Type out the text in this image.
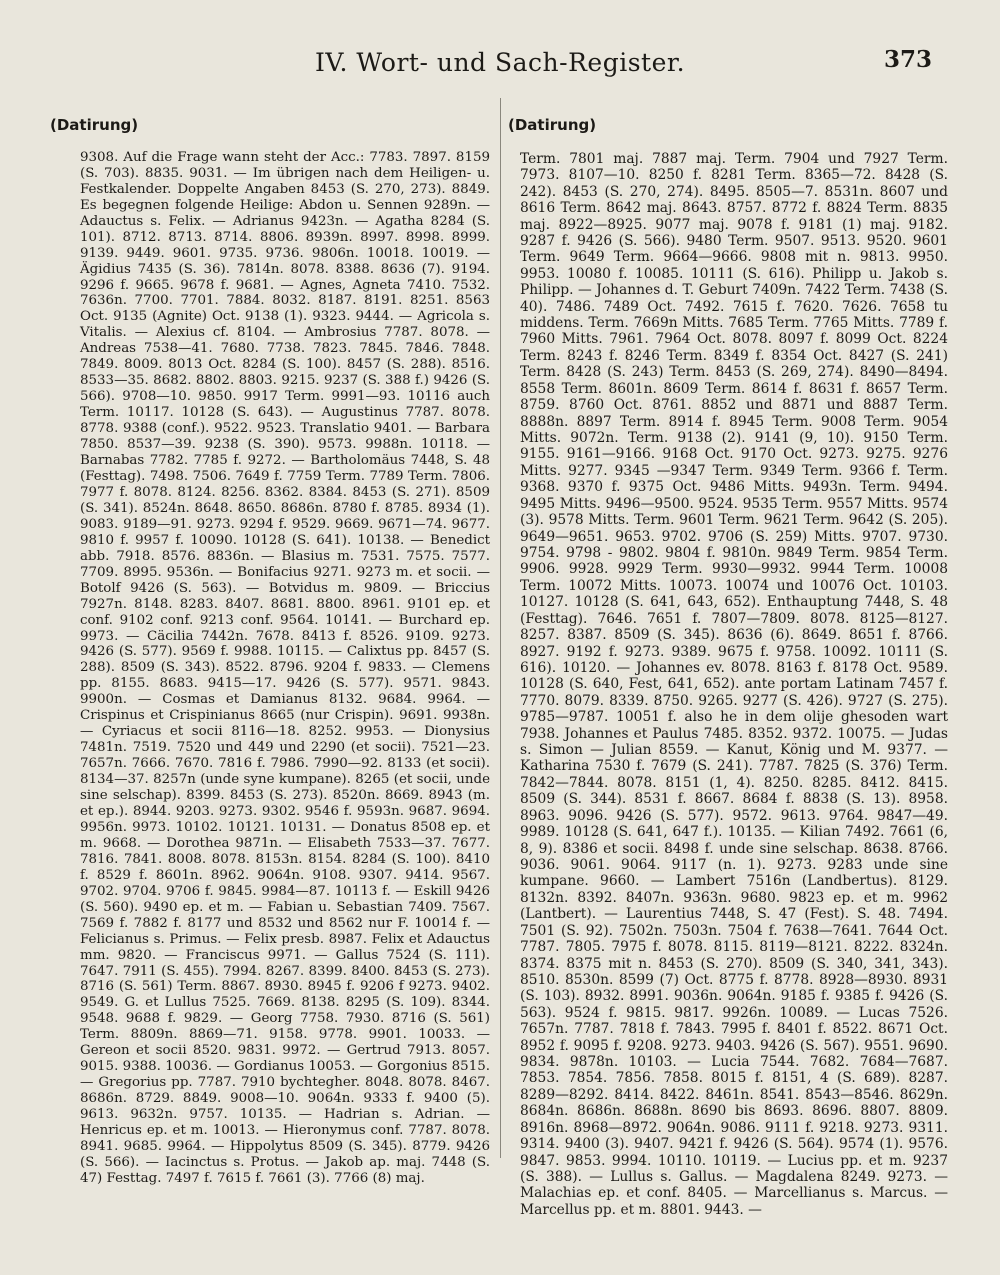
IV. Wort- und Sach-Register.	373

(Datirung)

9308. Auf die Frage wann steht der Acc.: 7783. 7897. 8159 (S. 703). 8835. 9031. — Im übrigen nach dem Heiligen- u. Festkalender. Doppelte Angaben 8453 (S. 270, 273). 8849. Es begegnen folgende Heilige: Abdon u. Sennen 9289n. — Adauctus s. Felix. — Adrianus 9423n. — Agatha 8284 (S. 101). 8712. 8713. 8714. 8806. 8939n. 8997. 8998. 8999. 9139. 9449. 9601. 9735. 9736. 9806n. 10018. 10019. — Ägidius 7435 (S. 36). 7814n. 8078. 8388. 8636 (7). 9194. 9296 f. 9665. 9678 f. 9681. — Agnes, Agneta 7410. 7532. 7636n. 7700. 7701. 7884. 8032. 8187. 8191. 8251. 8563 Oct. 9135 (Agnite) Oct. 9138 (1). 9323. 9444. — Agricola s. Vitalis. — Alexius cf. 8104. — Ambrosius 7787. 8078. — Andreas 7538—41. 7680. 7738. 7823. 7845. 7846. 7848. 7849. 8009. 8013 Oct. 8284 (S. 100). 8457 (S. 288). 8516. 8533—35. 8682. 8802. 8803. 9215. 9237 (S. 388 f.) 9426 (S. 566). 9708—10. 9850. 9917 Term. 9991—93. 10116 auch Term. 10117. 10128 (S. 643). — Augustinus 7787. 8078. 8778. 9388 (conf.). 9522. 9523. Translatio 9401. — Barbara 7850. 8537—39. 9238 (S. 390). 9573. 9988n. 10118. — Barnabas 7782. 7785 f. 9272. — Bartholomäus 7448, S. 48 (Festtag). 7498. 7506. 7649 f. 7759 Term. 7789 Term. 7806. 7977 f. 8078. 8124. 8256. 8362. 8384. 8453 (S. 271). 8509 (S. 341). 8524n. 8648. 8650. 8686n. 8780 f. 8785. 8934 (1). 9083. 9189—91. 9273. 9294 f. 9529. 9669. 9671—74. 9677. 9810 f. 9957 f. 10090. 10128 (S. 641). 10138. — Benedict abb. 7918. 8576. 8836n. — Blasius m. 7531. 7575. 7577. 7709. 8995. 9536n. — Bonifacius 9271. 9273 m. et socii. — Botolf 9426 (S. 563). — Botvidus m. 9809. — Briccius 7927n. 8148. 8283. 8407. 8681. 8800. 8961. 9101 ep. et conf. 9102 conf. 9213 conf. 9564. 10141. — Burchard ep. 9973. — Cäcilia 7442n. 7678. 8413 f. 8526. 9109. 9273. 9426 (S. 577). 9569 f. 9988. 10115. — Calixtus pp. 8457 (S. 288). 8509 (S. 343). 8522. 8796. 9204 f. 9833. — Clemens pp. 8155. 8683. 9415—17. 9426 (S. 577). 9571. 9843. 9900n. — Cosmas et Damianus 8132. 9684. 9964. — Crispinus et Crispinianus 8665 (nur Crispin). 9691. 9938n. — Cyriacus et socii 8116—18. 8252. 9953. — Dionysius 7481n. 7519. 7520 und 449 und 2290 (et socii). 7521—23. 7657n. 7666. 7670. 7816 f. 7986. 7990—92. 8133 (et socii). 8134—37. 8257n (unde syne kumpane). 8265 (et socii, unde sine selschap). 8399. 8453 (S. 273). 8520n. 8669. 8943 (m. et ep.). 8944. 9203. 9273. 9302. 9546 f. 9593n. 9687. 9694. 9956n. 9973. 10102. 10121. 10131. — Donatus 8508 ep. et m. 9668. — Dorothea 9871n. — Elisabeth 7533—37. 7677. 7816. 7841. 8008. 8078. 8153n. 8154. 8284 (S. 100). 8410 f. 8529 f. 8601n. 8962. 9064n. 9108. 9307. 9414. 9567. 9702. 9704. 9706 f. 9845. 9984—87. 10113 f. — Eskill 9426 (S. 560). 9490 ep. et m. — Fabian u. Sebastian 7409. 7567. 7569 f. 7882 f. 8177 und 8532 und 8562 nur F. 10014 f. — Felicianus s. Primus. — Felix presb. 8987. Felix et Adauctus mm. 9820. — Franciscus 9971. — Gallus 7524 (S. 111). 7647. 7911 (S. 455). 7994. 8267. 8399. 8400. 8453 (S. 273). 8716 (S. 561) Term. 8867. 8930. 8945 f. 9206 f 9273. 9402. 9549. G. et Lullus 7525. 7669. 8138. 8295 (S. 109). 8344. 9548. 9688 f. 9829. — Georg 7758. 7930. 8716 (S. 561) Term. 8809n. 8869—71. 9158. 9778. 9901. 10033. — Gereon et socii 8520. 9831. 9972. — Gertrud 7913. 8057. 9015. 9388. 10036. — Gordianus 10053. — Gorgonius 8515. — Gregorius pp. 7787. 7910 bychtegher. 8048. 8078. 8467. 8686n. 8729. 8849. 9008—10. 9064n. 9333 f. 9400 (5). 9613. 9632n. 9757. 10135. — Hadrian s. Adrian. — Henricus ep. et m. 10013. — Hieronymus conf. 7787. 8078. 8941. 9685. 9964. — Hippolytus 8509 (S. 345). 8779. 9426 (S. 566). — Iacinctus s. Protus. — Jakob ap. maj. 7448 (S. 47) Festtag. 7497 f. 7615 f. 7661 (3). 7766 (8) maj.

(Datirung)

Term. 7801 maj. 7887 maj. Term. 7904 und 7927 Term. 7973. 8107—10. 8250 f. 8281 Term. 8365—72. 8428 (S. 242). 8453 (S. 270, 274). 8495. 8505—7. 8531n. 8607 und 8616 Term. 8642 maj. 8643. 8757. 8772 f. 8824 Term. 8835 maj. 8922—8925. 9077 maj. 9078 f. 9181 (1) maj. 9182. 9287 f. 9426 (S. 566). 9480 Term. 9507. 9513. 9520. 9601 Term. 9649 Term. 9664—9666. 9808 mit n. 9813. 9950. 9953. 10080 f. 10085. 10111 (S. 616). Philipp u. Jakob s. Philipp. — Johannes d. T. Geburt 7409n. 7422 Term. 7438 (S. 40). 7486. 7489 Oct. 7492. 7615 f. 7620. 7626. 7658 tu middens. Term. 7669n Mitts. 7685 Term. 7765 Mitts. 7789 f. 7960 Mitts. 7961. 7964 Oct. 8078. 8097 f. 8099 Oct. 8224 Term. 8243 f. 8246 Term. 8349 f. 8354 Oct. 8427 (S. 241) Term. 8428 (S. 243) Term. 8453 (S. 269, 274). 8490—8494. 8558 Term. 8601n. 8609 Term. 8614 f. 8631 f. 8657 Term. 8759. 8760 Oct. 8761. 8852 und 8871 und 8887 Term. 8888n. 8897 Term. 8914 f. 8945 Term. 9008 Term. 9054 Mitts. 9072n. Term. 9138 (2). 9141 (9, 10). 9150 Term. 9155. 9161—9166. 9168 Oct. 9170 Oct. 9273. 9275. 9276 Mitts. 9277. 9345 —9347 Term. 9349 Term. 9366 f. Term. 9368. 9370 f. 9375 Oct. 9486 Mitts. 9493n. Term. 9494. 9495 Mitts. 9496—9500. 9524. 9535 Term. 9557 Mitts. 9574 (3). 9578 Mitts. Term. 9601 Term. 9621 Term. 9642 (S. 205). 9649—9651. 9653. 9702. 9706 (S. 259) Mitts. 9707. 9730. 9754. 9798 - 9802. 9804 f. 9810n. 9849 Term. 9854 Term. 9906. 9928. 9929 Term. 9930—9932. 9944 Term. 10008 Term. 10072 Mitts. 10073. 10074 und 10076 Oct. 10103. 10127. 10128 (S. 641, 643, 652). Enthauptung 7448, S. 48 (Festtag). 7646. 7651 f. 7807—7809. 8078. 8125—8127. 8257. 8387. 8509 (S. 345). 8636 (6). 8649. 8651 f. 8766. 8927. 9192 f. 9273. 9389. 9675 f. 9758. 10092. 10111 (S. 616). 10120. — Johannes ev. 8078. 8163 f. 8178 Oct. 9589. 10128 (S. 640, Fest, 641, 652). ante portam Latinam 7457 f. 7770. 8079. 8339. 8750. 9265. 9277 (S. 426). 9727 (S. 275). 9785—9787. 10051 f. also he in dem olije ghesoden wart 7938. Johannes et Paulus 7485. 8352. 9372. 10075. — Judas s. Simon — Julian 8559. — Kanut, König und M. 9377. — Katharina 7530 f. 7679 (S. 241). 7787. 7825 (S. 376) Term. 7842—7844. 8078. 8151 (1, 4). 8250. 8285. 8412. 8415. 8509 (S. 344). 8531 f. 8667. 8684 f. 8838 (S. 13). 8958. 8963. 9096. 9426 (S. 577). 9572. 9613. 9764. 9847—49. 9989. 10128 (S. 641, 647 f.). 10135. — Kilian 7492. 7661 (6, 8, 9). 8386 et socii. 8498 f. unde sine selschap. 8638. 8766. 9036. 9061. 9064. 9117 (n. 1). 9273. 9283 unde sine kumpane. 9660. — Lambert 7516n (Landbertus). 8129. 8132n. 8392. 8407n. 9363n. 9680. 9823 ep. et m. 9962 (Lantbert). — Laurentius 7448, S. 47 (Fest). S. 48. 7494. 7501 (S. 92). 7502n. 7503n. 7504 f. 7638—7641. 7644 Oct. 7787. 7805. 7975 f. 8078. 8115. 8119—8121. 8222. 8324n. 8374. 8375 mit n. 8453 (S. 270). 8509 (S. 340, 341, 343). 8510. 8530n. 8599 (7) Oct. 8775 f. 8778. 8928—8930. 8931 (S. 103). 8932. 8991. 9036n. 9064n. 9185 f. 9385 f. 9426 (S. 563). 9524 f. 9815. 9817. 9926n. 10089. — Lucas 7526. 7657n. 7787. 7818 f. 7843. 7995 f. 8401 f. 8522. 8671 Oct. 8952 f. 9095 f. 9208. 9273. 9403. 9426 (S. 567). 9551. 9690. 9834. 9878n. 10103. — Lucia 7544. 7682. 7684—7687. 7853. 7854. 7856. 7858. 8015 f. 8151, 4 (S. 689). 8287. 8289—8292. 8414. 8422. 8461n. 8541. 8543—8546. 8629n. 8684n. 8686n. 8688n. 8690 bis 8693. 8696. 8807. 8809. 8916n. 8968—8972. 9064n. 9086. 9111 f. 9218. 9273. 9311. 9314. 9400 (3). 9407. 9421 f. 9426 (S. 564). 9574 (1). 9576. 9847. 9853. 9994. 10110. 10119. — Lucius pp. et m. 9237 (S. 388). — Lullus s. Gallus. — Magdalena 8249. 9273. — Malachias ep. et conf. 8405. — Marcellianus s. Marcus. — Marcellus pp. et m. 8801. 9443. —
